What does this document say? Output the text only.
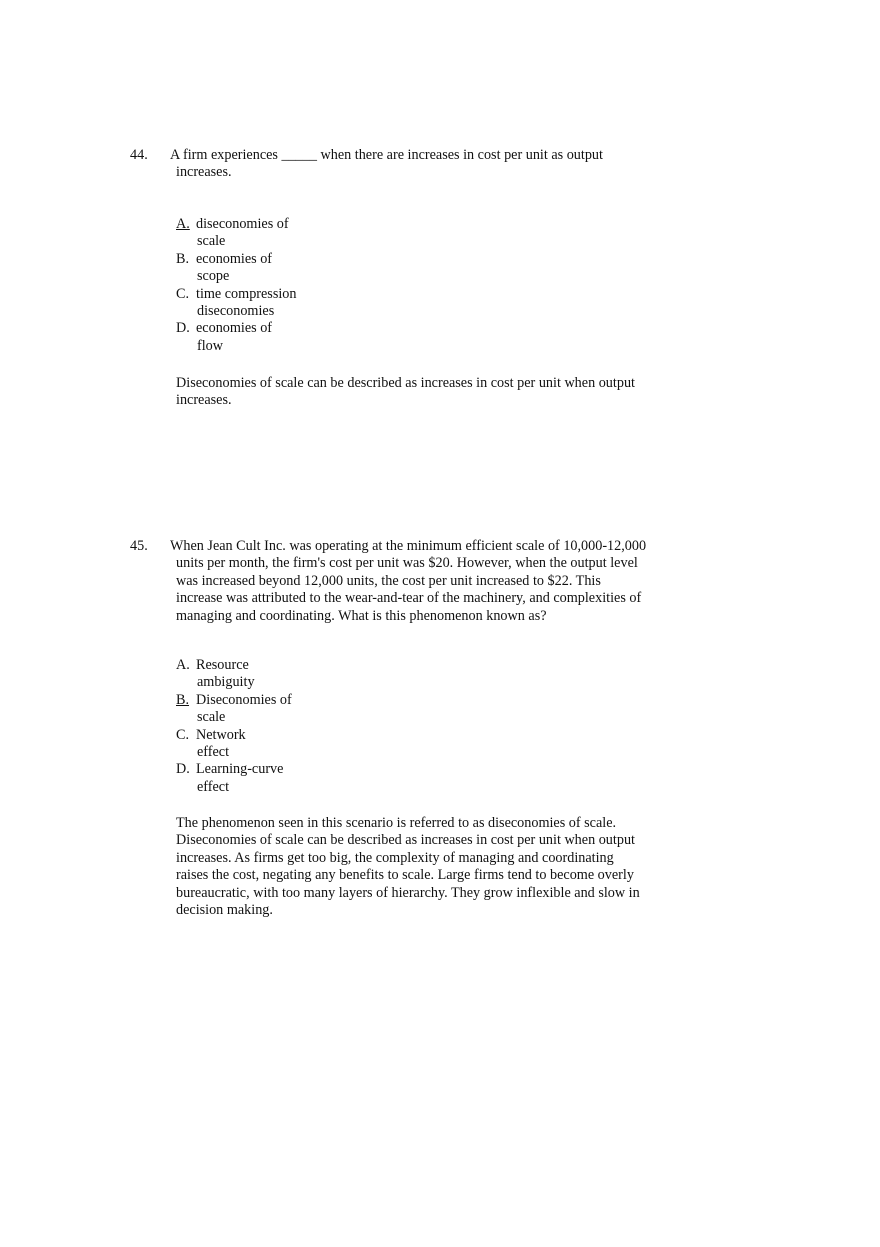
44. A firm experiences _____ when there are increases in cost per unit as output
increases.
A. diseconomies of
scale
B. economies of
scope
C. time compression
diseconomies
D. economies of
flow
Diseconomies of scale can be described as increases in cost per unit when output
increases.
45. When Jean Cult Inc. was operating at the minimum efficient scale of 10,000-12,000
units per month, the firm's cost per unit was $20. However, when the output level
was increased beyond 12,000 units, the cost per unit increased to $22. This
increase was attributed to the wear-and-tear of the machinery, and complexities of
managing and coordinating. What is this phenomenon known as?
A. Resource
ambiguity
B. Diseconomies of
scale
C. Network
effect
D. Learning-curve
effect
The phenomenon seen in this scenario is referred to as diseconomies of scale.
Diseconomies of scale can be described as increases in cost per unit when output
increases. As firms get too big, the complexity of managing and coordinating
raises the cost, negating any benefits to scale. Large firms tend to become overly
bureaucratic, with too many layers of hierarchy. They grow inflexible and slow in
decision making.
